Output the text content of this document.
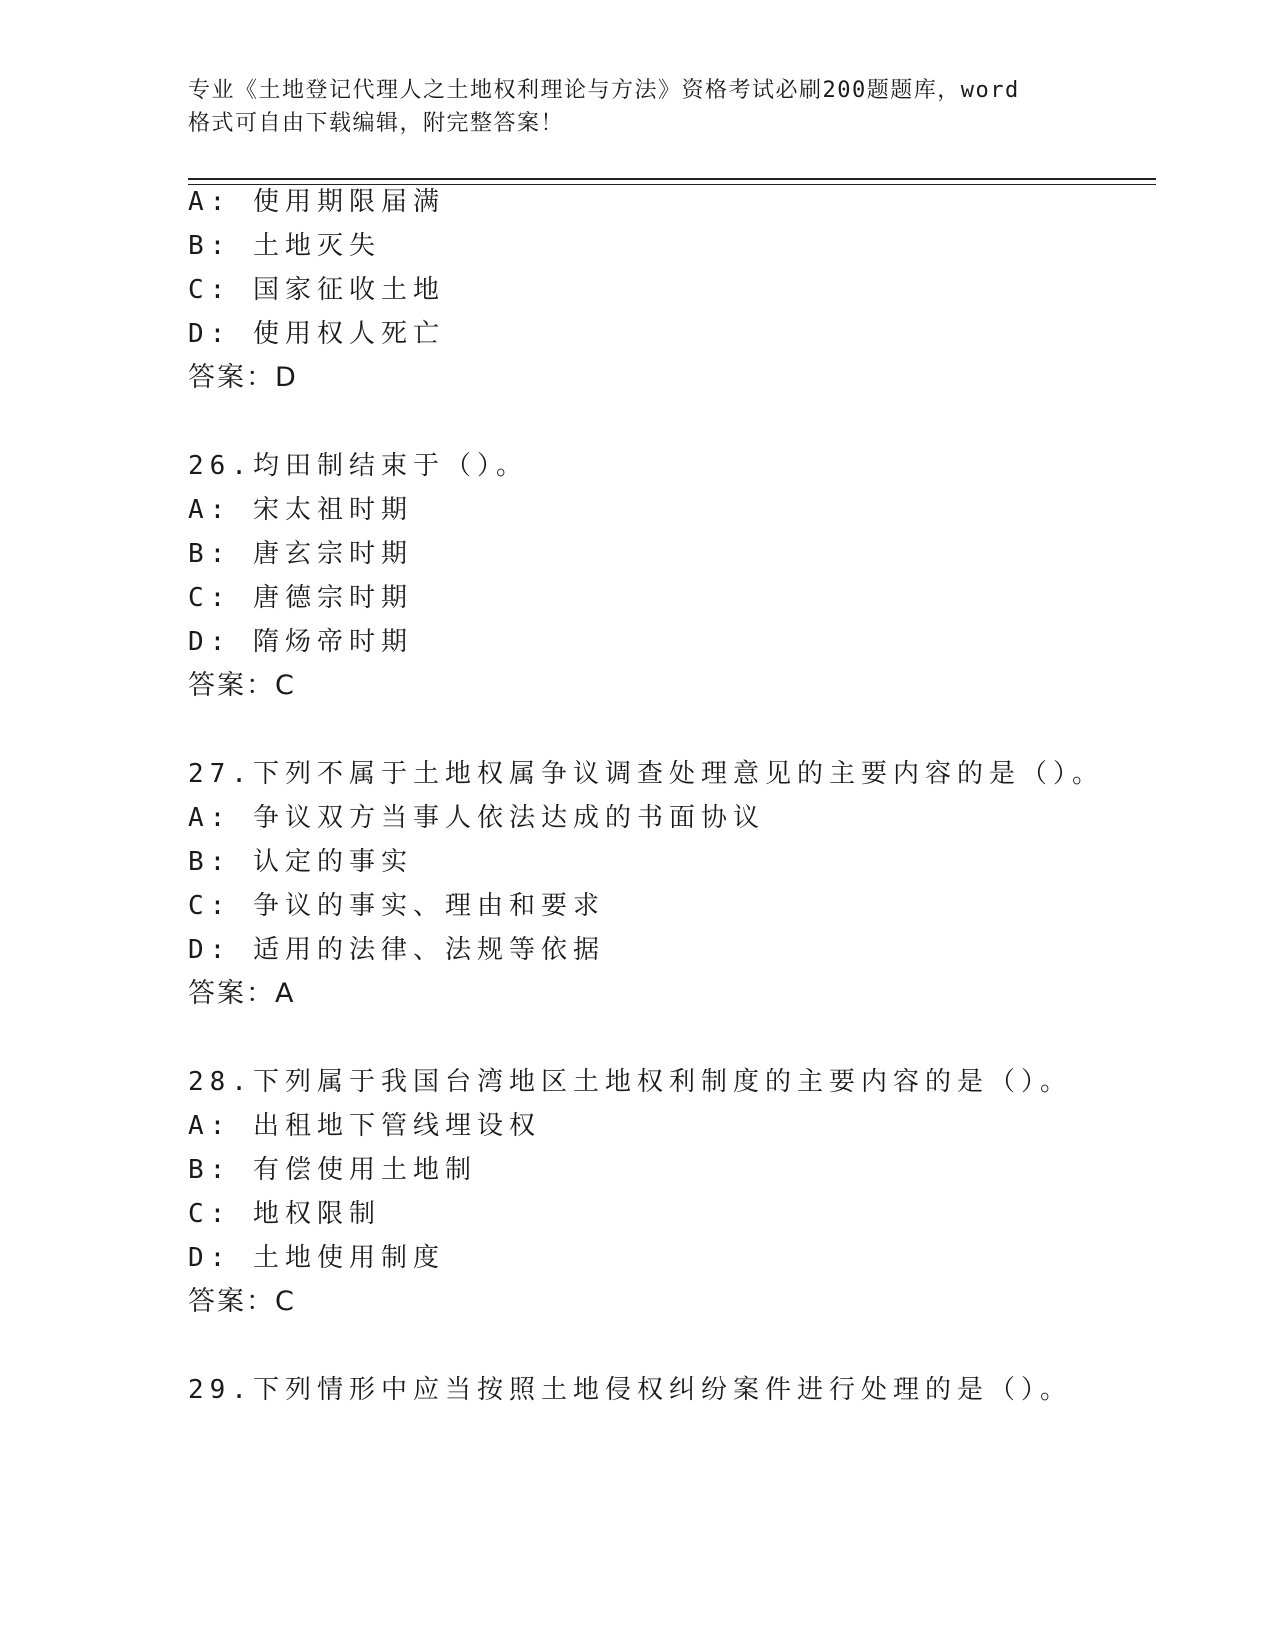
专业《土地登记代理人之土地权利理论与方法》资格考试必刷200题题库，word
格式可自由下载编辑，附完整答案！
A: 使用期限届满
B: 土地灭失
C: 国家征收土地
D: 使用权人死亡
答案：D
26.均田制结束于（）。
A: 宋太祖时期
B: 唐玄宗时期
C: 唐德宗时期
D: 隋炀帝时期
答案：C
27.下列不属于土地权属争议调查处理意见的主要内容的是（）。
A: 争议双方当事人依法达成的书面协议
B: 认定的事实
C: 争议的事实、理由和要求
D: 适用的法律、法规等依据
答案：A
28.下列属于我国台湾地区土地权利制度的主要内容的是（）。
A: 出租地下管线埋设权
B: 有偿使用土地制
C: 地权限制
D: 土地使用制度
答案：C
29.下列情形中应当按照土地侵权纠纷案件进行处理的是（）。
